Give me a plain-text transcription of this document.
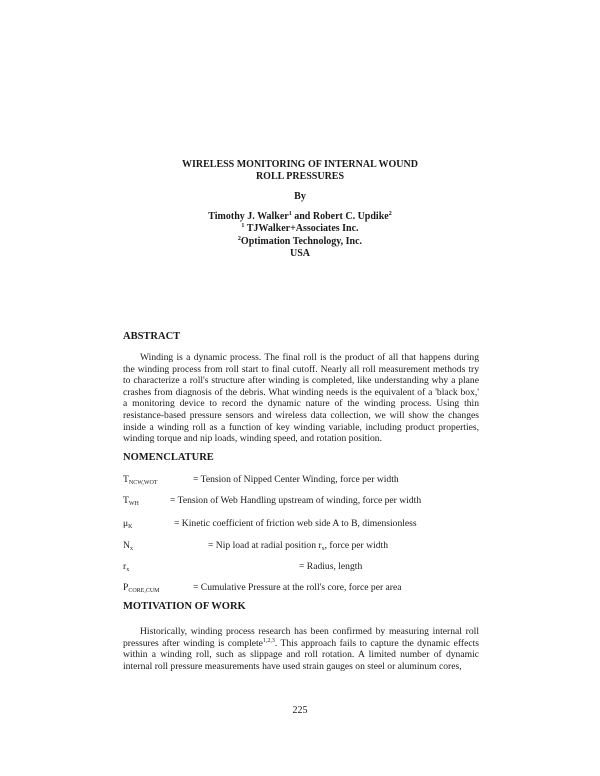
WIRELESS MONITORING OF INTERNAL WOUND
ROLL PRESSURES
By
Timothy J. Walker$^1$ and Robert C. Updike$^2$
$^1$ TJWalker+Associates Inc.
$^2$Optimation Technology, Inc.
USA
ABSTRACT
Winding is a dynamic process. The final roll is the product of all that happens during the winding process from roll start to final cutoff. Nearly all roll measurement methods try to characterize a roll's structure after winding is completed, like understanding why a plane crashes from diagnosis of the debris. What winding needs is the equivalent of a 'black box,' a monitoring device to record the dynamic nature of the winding process. Using thin resistance-based pressure sensors and wireless data collection, we will show the changes inside a winding roll as a function of key winding variable, including product properties, winding torque and nip loads, winding speed, and rotation position.
NOMENCLATURE
$T_{NCW,WOT}$	= Tension of Nipped Center Winding, force per width
$T_{WH}$	= Tension of Web Handling upstream of winding, force per width
$\mu_K$	= Kinetic coefficient of friction web side A to B, dimensionless
$N_x$	= Nip load at radial position $r_x$, force per width
$r_x$	= Radius, length
$P_{CORE,CUM}$	= Cumulative Pressure at the roll's core, force per area
MOTIVATION OF WORK
Historically, winding process research has been confirmed by measuring internal roll pressures after winding is complete$^{1,2,3}$. This approach fails to capture the dynamic effects within a winding roll, such as slippage and roll rotation. A limited number of dynamic internal roll pressure measurements have used strain gauges on steel or aluminum cores,
225
